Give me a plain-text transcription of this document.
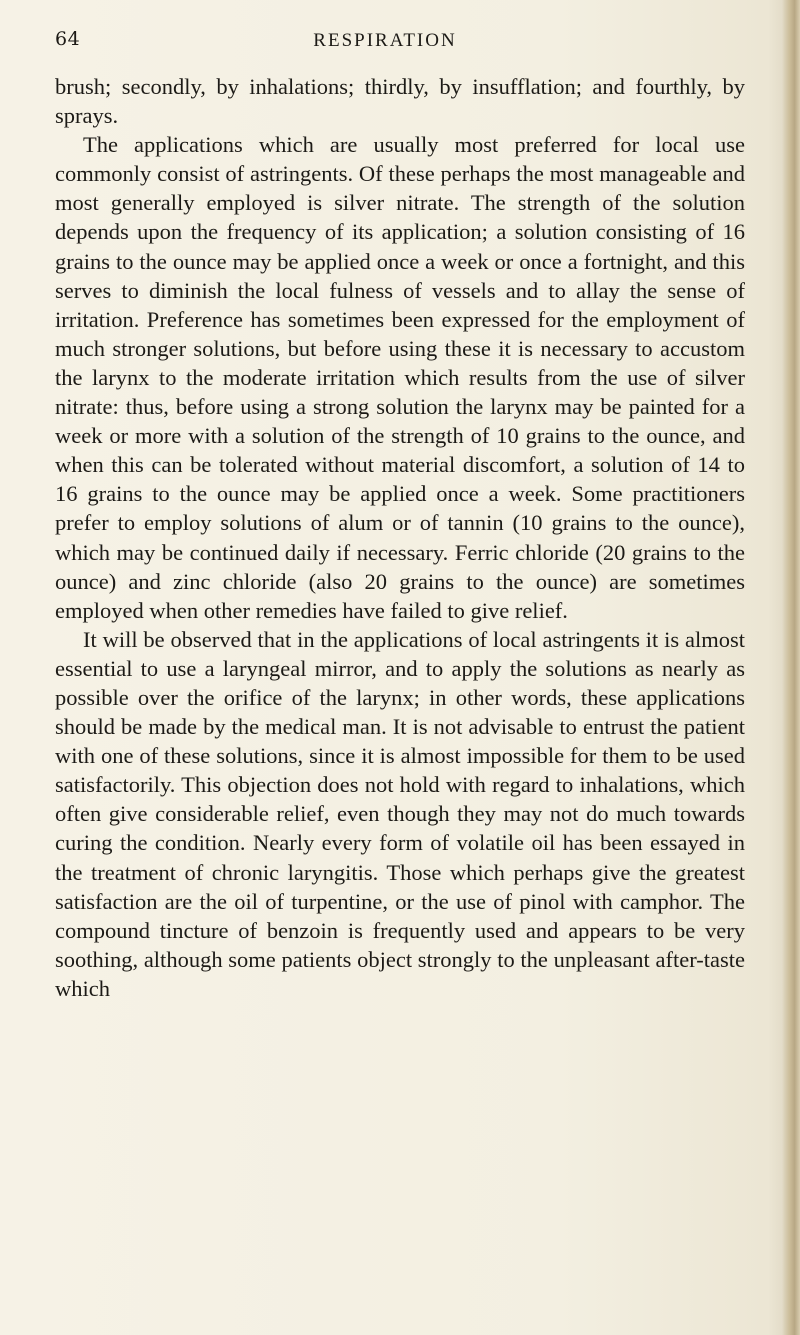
64	RESPIRATION

brush; secondly, by inhalations; thirdly, by insufflation; and fourthly, by sprays.

The applications which are usually most preferred for local use commonly consist of astringents. Of these perhaps the most manageable and most generally employed is silver nitrate. The strength of the solution depends upon the frequency of its application; a solution consisting of 16 grains to the ounce may be applied once a week or once a fortnight, and this serves to diminish the local fulness of vessels and to allay the sense of irritation. Preference has sometimes been expressed for the employment of much stronger solutions, but before using these it is necessary to accustom the larynx to the moderate irritation which results from the use of silver nitrate: thus, before using a strong solution the larynx may be painted for a week or more with a solution of the strength of 10 grains to the ounce, and when this can be tolerated without material discomfort, a solution of 14 to 16 grains to the ounce may be applied once a week. Some practitioners prefer to employ solutions of alum or of tannin (10 grains to the ounce), which may be continued daily if necessary. Ferric chloride (20 grains to the ounce) and zinc chloride (also 20 grains to the ounce) are sometimes employed when other remedies have failed to give relief.

It will be observed that in the applications of local astringents it is almost essential to use a laryngeal mirror, and to apply the solutions as nearly as possible over the orifice of the larynx; in other words, these applications should be made by the medical man. It is not advisable to entrust the patient with one of these solutions, since it is almost impossible for them to be used satisfactorily. This objection does not hold with regard to inhalations, which often give considerable relief, even though they may not do much towards curing the condition. Nearly every form of volatile oil has been essayed in the treatment of chronic laryngitis. Those which perhaps give the greatest satisfaction are the oil of turpentine, or the use of pinol with camphor. The compound tincture of benzoin is frequently used and appears to be very soothing, although some patients object strongly to the unpleasant after-taste which
